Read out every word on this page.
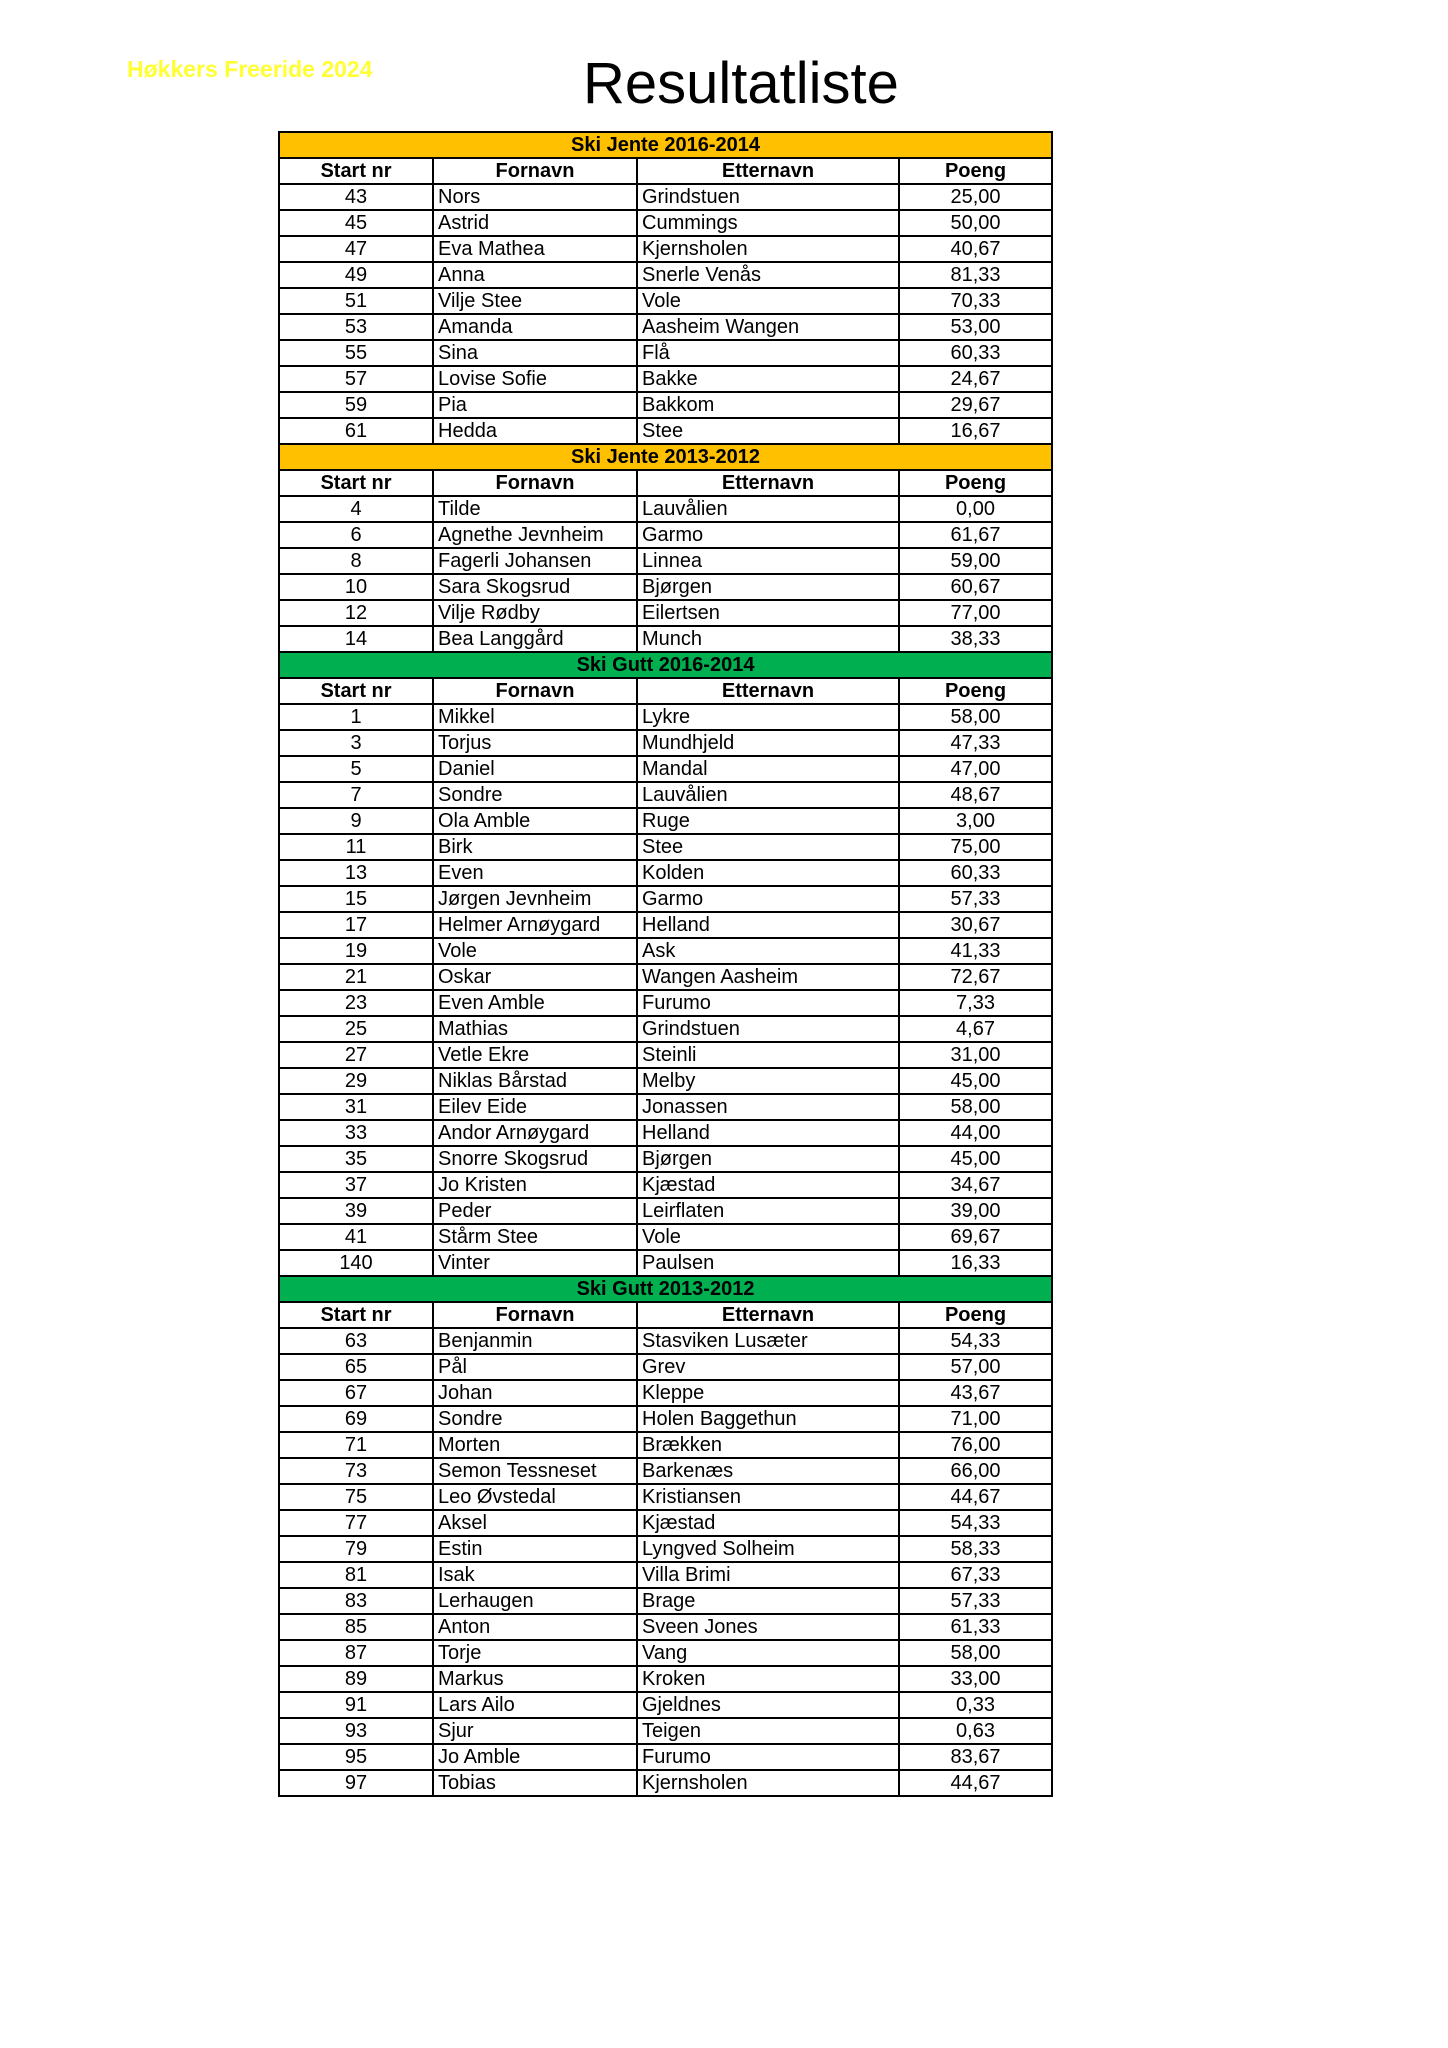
Høkkers Freeride 2024	Resultatliste
Ski Jente 2016-2014			
Start nr	Fornavn	Etternavn	Poeng
43	Nors	Grindstuen	25,00
45	Astrid	Cummings	50,00
47	Eva Mathea	Kjernsholen	40,67
49	Anna	Snerle Venås	81,33
51	Vilje Stee	Vole	70,33
53	Amanda	Aasheim Wangen	53,00
55	Sina	Flå	60,33
57	Lovise Sofie	Bakke	24,67
59	Pia	Bakkom	29,67
61	Hedda	Stee	16,67
Ski Jente 2013-2012			
Start nr	Fornavn	Etternavn	Poeng
4	Tilde	Lauvålien	0,00
6	Agnethe Jevnheim	Garmo	61,67
8	Fagerli Johansen	Linnea	59,00
10	Sara Skogsrud	Bjørgen	60,67
12	Vilje Rødby	Eilertsen	77,00
14	Bea Langgård	Munch	38,33
Ski Gutt 2016-2014			
Start nr	Fornavn	Etternavn	Poeng
1	Mikkel	Lykre	58,00
3	Torjus	Mundhjeld	47,33
5	Daniel	Mandal	47,00
7	Sondre	Lauvålien	48,67
9	Ola Amble	Ruge	3,00
11	Birk	Stee	75,00
13	Even	Kolden	60,33
15	Jørgen Jevnheim	Garmo	57,33
17	Helmer Arnøygard	Helland	30,67
19	Vole	Ask	41,33
21	Oskar	Wangen Aasheim	72,67
23	Even Amble	Furumo	7,33
25	Mathias	Grindstuen	4,67
27	Vetle Ekre	Steinli	31,00
29	Niklas Bårstad	Melby	45,00
31	Eilev Eide	Jonassen	58,00
33	Andor Arnøygard	Helland	44,00
35	Snorre Skogsrud	Bjørgen	45,00
37	Jo Kristen	Kjæstad	34,67
39	Peder	Leirflaten	39,00
41	Stårm Stee	Vole	69,67
140	Vinter	Paulsen	16,33
Ski Gutt 2013-2012			
Start nr	Fornavn	Etternavn	Poeng
63	Benjanmin	Stasviken Lusæter	54,33
65	Pål	Grev	57,00
67	Johan	Kleppe	43,67
69	Sondre	Holen Baggethun	71,00
71	Morten	Brækken	76,00
73	Semon Tessneset	Barkenæs	66,00
75	Leo Øvstedal	Kristiansen	44,67
77	Aksel	Kjæstad	54,33
79	Estin	Lyngved Solheim	58,33
81	Isak	Villa Brimi	67,33
83	Lerhaugen	Brage	57,33
85	Anton	Sveen Jones	61,33
87	Torje	Vang	58,00
89	Markus	Kroken	33,00
91	Lars Ailo	Gjeldnes	0,33
93	Sjur	Teigen	0,63
95	Jo Amble	Furumo	83,67
97	Tobias	Kjernsholen	44,67
